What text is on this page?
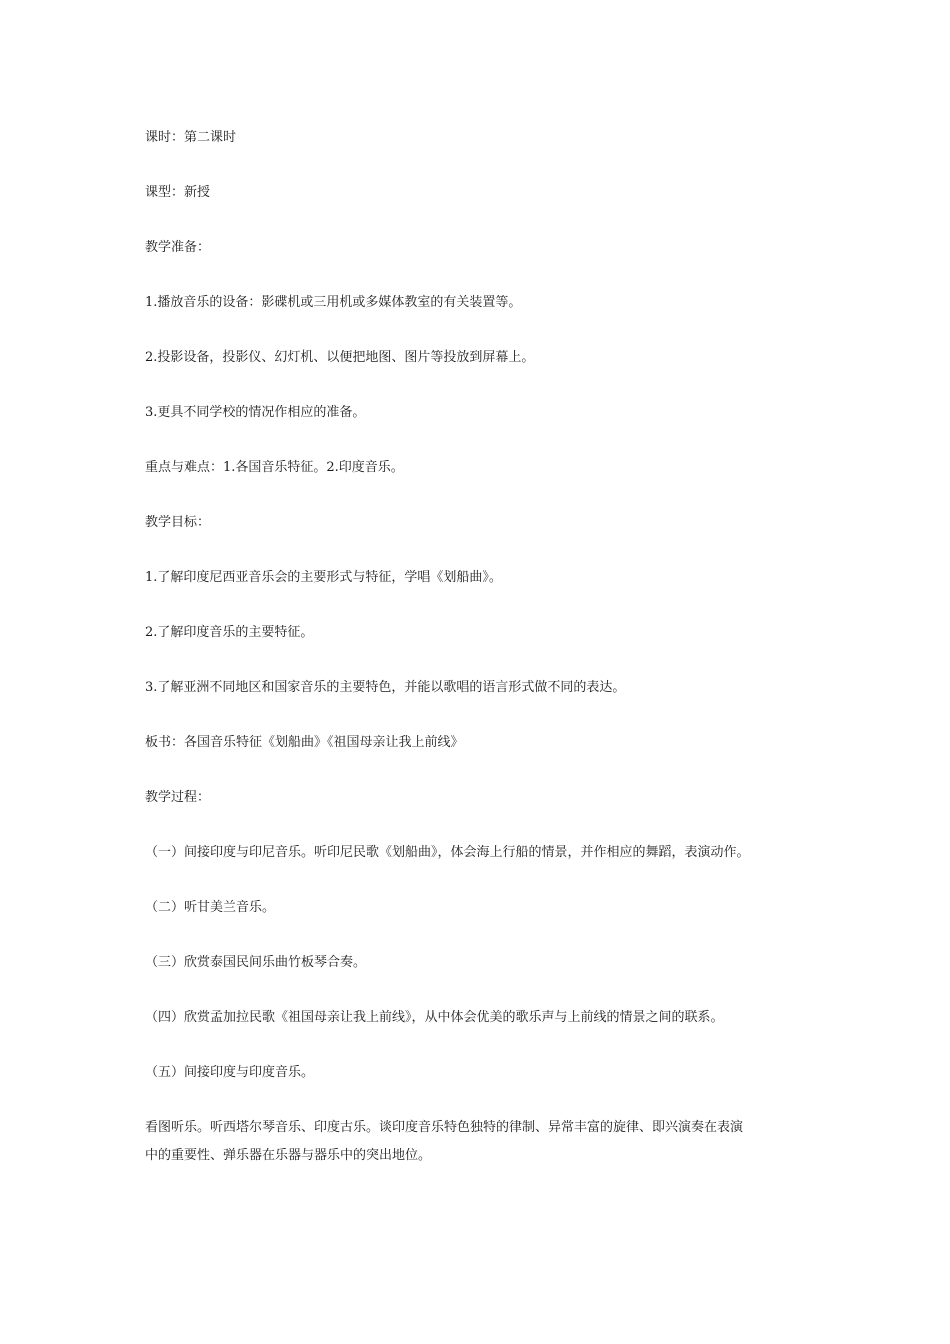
课时：第二课时
课型：新授
教学准备：
1.播放音乐的设备：影碟机或三用机或多媒体教室的有关装置等。
2.投影设备，投影仪、幻灯机、以便把地图、图片等投放到屏幕上。
3.更具不同学校的情况作相应的准备。
重点与难点：1.各国音乐特征。2.印度音乐。
教学目标：
1.了解印度尼西亚音乐会的主要形式与特征，学唱《划船曲》。
2.了解印度音乐的主要特征。
3.了解亚洲不同地区和国家音乐的主要特色，并能以歌唱的语言形式做不同的表达。
板书：各国音乐特征《划船曲》《祖国母亲让我上前线》
教学过程：
（一）间接印度与印尼音乐。听印尼民歌《划船曲》，体会海上行船的情景，并作相应的舞蹈，表演动作。
（二）听甘美兰音乐。
（三）欣赏泰国民间乐曲竹板琴合奏。
（四）欣赏孟加拉民歌《祖国母亲让我上前线》，从中体会优美的歌乐声与上前线的情景之间的联系。
（五）间接印度与印度音乐。
看图听乐。听西塔尔琴音乐、印度古乐。谈印度音乐特色独特的律制、异常丰富的旋律、即兴演奏在表演
中的重要性、弹乐器在乐器与器乐中的突出地位。
